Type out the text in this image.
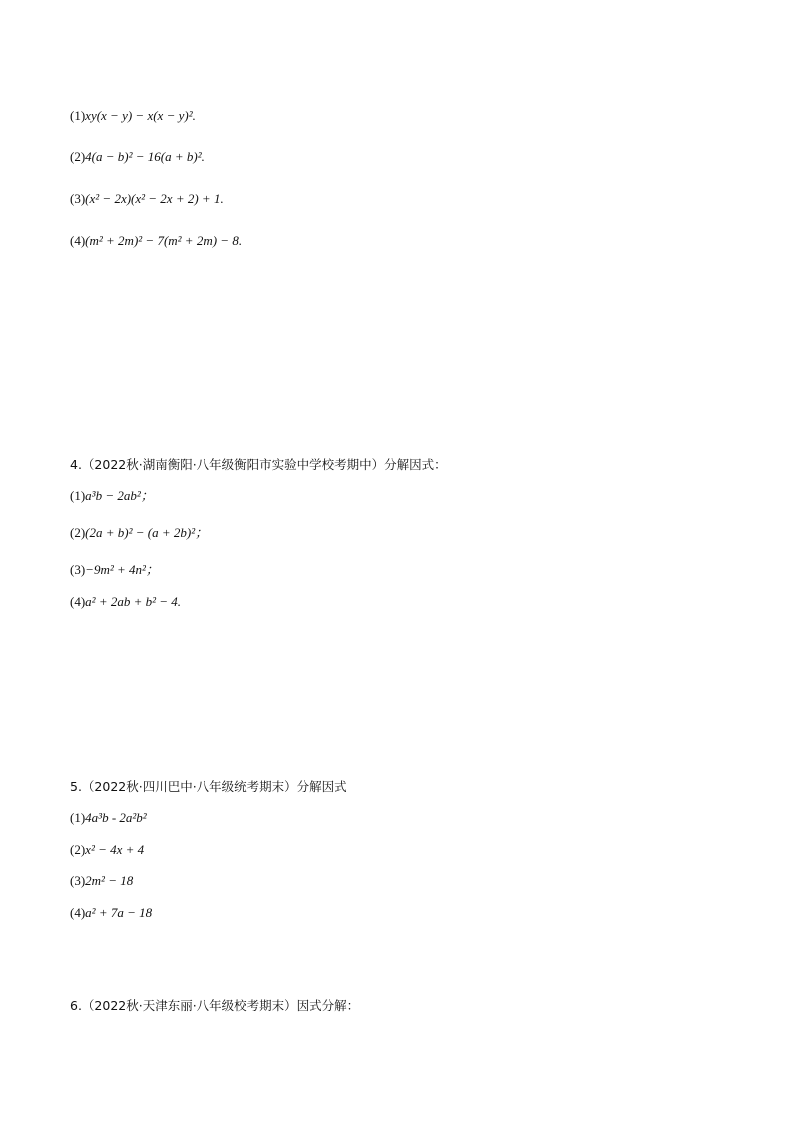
(1)xy(x − y) − x(x − y)².
(2)4(a − b)² − 16(a + b)².
(3)(x² − 2x)(x² − 2x + 2) + 1.
(4)(m² + 2m)² − 7(m² + 2m) − 8.
4.（2022秋·湖南衡阳·八年级衡阳市实验中学校考期中）分解因式：
(1)a³b − 2ab²；
(2)(2a + b)² − (a + 2b)²；
(3)−9m² + 4n²；
(4)a² + 2ab + b² − 4.
5.（2022秋·四川巴中·八年级统考期末）分解因式
(1)4a³b - 2a²b²
(2)x² − 4x + 4
(3)2m² − 18
(4)a² + 7a − 18
6.（2022秋·天津东丽·八年级校考期末）因式分解：
